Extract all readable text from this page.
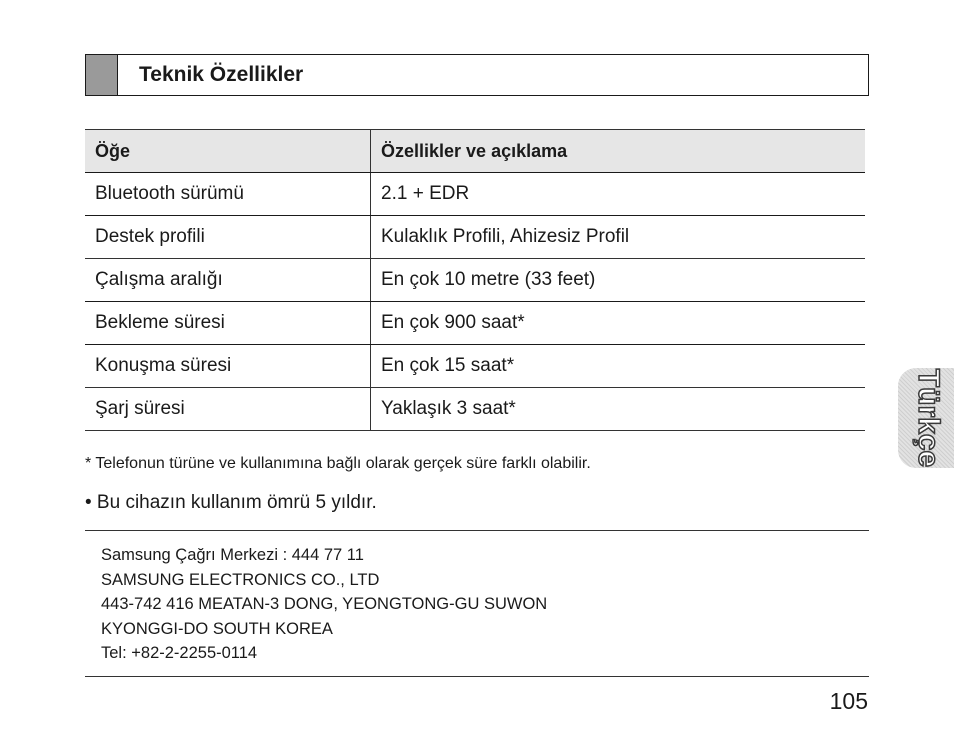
Teknik Özellikler
Öğe	Özellikler ve açıklama
Bluetooth sürümü	2.1 + EDR
Destek profili	Kulaklık Profili, Ahizesiz Profil
Çalışma aralığı	En çok 10 metre (33 feet)
Bekleme süresi	En çok 900 saat*
Konuşma süresi	En çok 15 saat*
Şarj süresi	Yaklaşık 3 saat*
* Telefonun türüne ve kullanımına bağlı olarak gerçek süre farklı olabilir.
• Bu cihazın kullanım ömrü 5 yıldır.
Samsung Çağrı Merkezi : 444 77 11
SAMSUNG ELECTRONICS CO., LTD
443-742 416 MEATAN-3 DONG, YEONGTONG-GU SUWON
KYONGGI-DO SOUTH KOREA
Tel: +82-2-2255-0114
105
Türkçe
